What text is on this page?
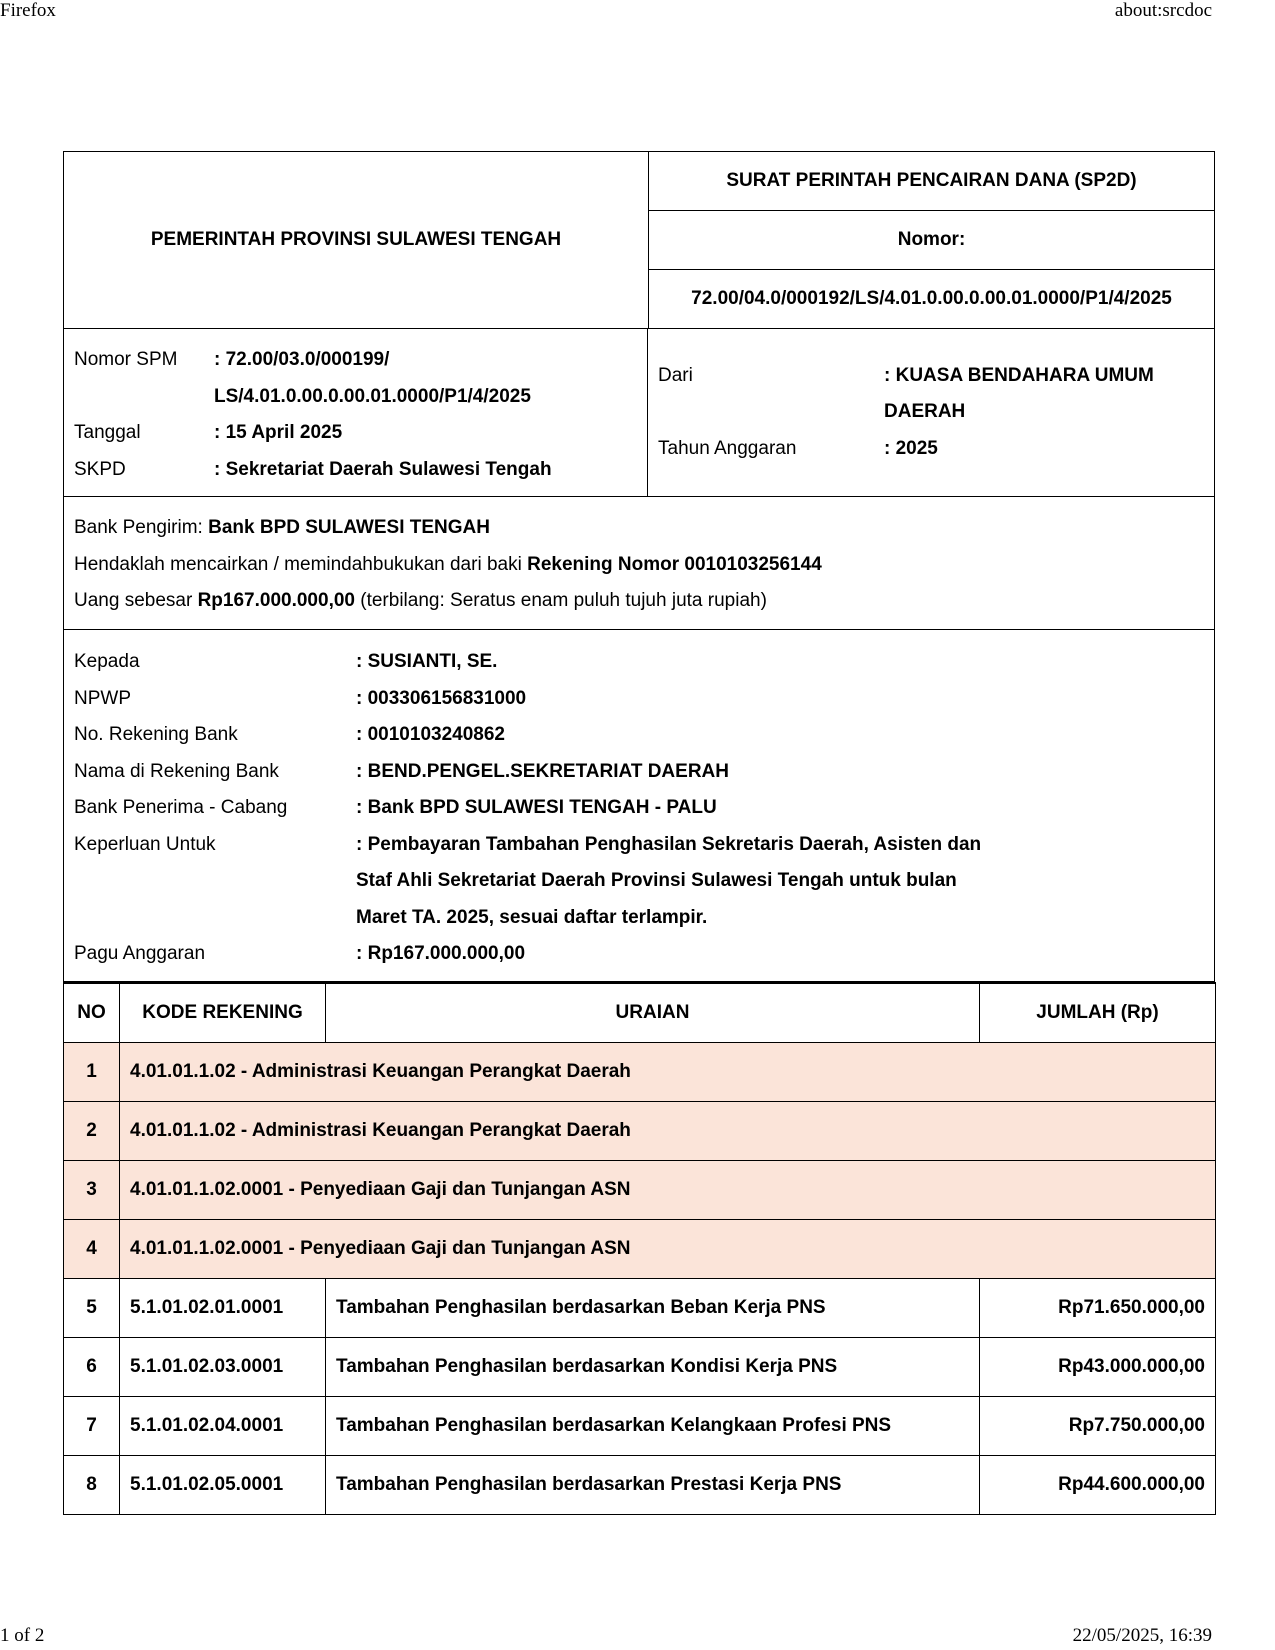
Firefox	about:srcdoc
PEMERINTAH PROVINSI SULAWESI TENGAH
SURAT PERINTAH PENCAIRAN DANA (SP2D)
Nomor:
72.00/04.0/000192/LS/4.01.0.00.0.00.01.0000/P1/4/2025
Nomor SPM	: 72.00/03.0/000199/
LS/4.01.0.00.0.00.01.0000/P1/4/2025
Tanggal	: 15 April 2025
SKPD	: Sekretariat Daerah Sulawesi Tengah
Dari	: KUASA BENDAHARA UMUM
DAERAH
Tahun Anggaran	: 2025
Bank Pengirim: Bank BPD SULAWESI TENGAH
Hendaklah mencairkan / memindahbukukan dari baki Rekening Nomor 0010103256144
Uang sebesar Rp167.000.000,00 (terbilang: Seratus enam puluh tujuh juta rupiah)
Kepada	: SUSIANTI, SE.
NPWP	: 003306156831000
No. Rekening Bank	: 0010103240862
Nama di Rekening Bank	: BEND.PENGEL.SEKRETARIAT DAERAH
Bank Penerima - Cabang	: Bank BPD SULAWESI TENGAH - PALU
Keperluan Untuk	: Pembayaran Tambahan Penghasilan Sekretaris Daerah, Asisten dan Staf Ahli Sekretariat Daerah Provinsi Sulawesi Tengah untuk bulan Maret TA. 2025, sesuai daftar terlampir.
Pagu Anggaran	: Rp167.000.000,00
NO	KODE REKENING	URAIAN	JUMLAH (Rp)
1	4.01.01.1.02 - Administrasi Keuangan Perangkat Daerah		
2	4.01.01.1.02 - Administrasi Keuangan Perangkat Daerah		
3	4.01.01.1.02.0001 - Penyediaan Gaji dan Tunjangan ASN		
4	4.01.01.1.02.0001 - Penyediaan Gaji dan Tunjangan ASN		
5	5.1.01.02.01.0001	Tambahan Penghasilan berdasarkan Beban Kerja PNS	Rp71.650.000,00
6	5.1.01.02.03.0001	Tambahan Penghasilan berdasarkan Kondisi Kerja PNS	Rp43.000.000,00
7	5.1.01.02.04.0001	Tambahan Penghasilan berdasarkan Kelangkaan Profesi PNS	Rp7.750.000,00
8	5.1.01.02.05.0001	Tambahan Penghasilan berdasarkan Prestasi Kerja PNS	Rp44.600.000,00
1 of 2	22/05/2025, 16:39
